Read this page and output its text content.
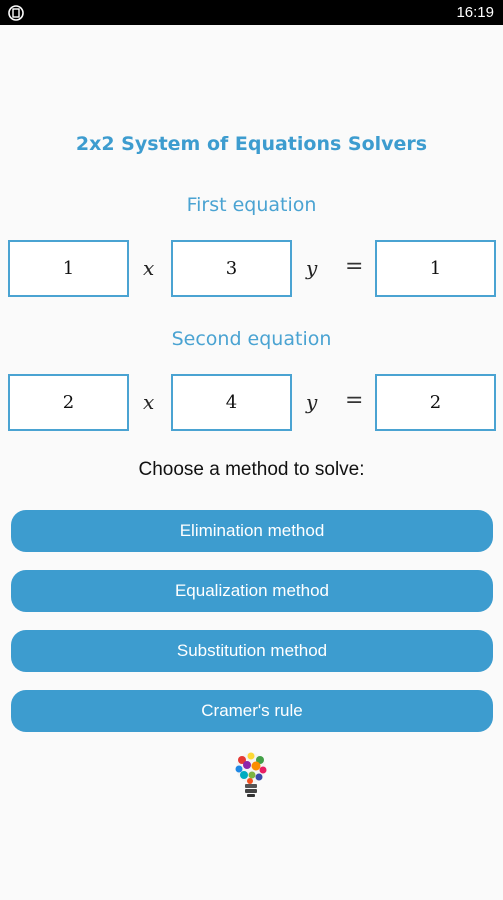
16:19
2x2 System of Equations Solvers
First equation
1	x	3	y =	1
Second equation
2	x	4	y =	2
Choose a method to solve:
Elimination method
Equalization method
Substitution method
Cramer's rule
